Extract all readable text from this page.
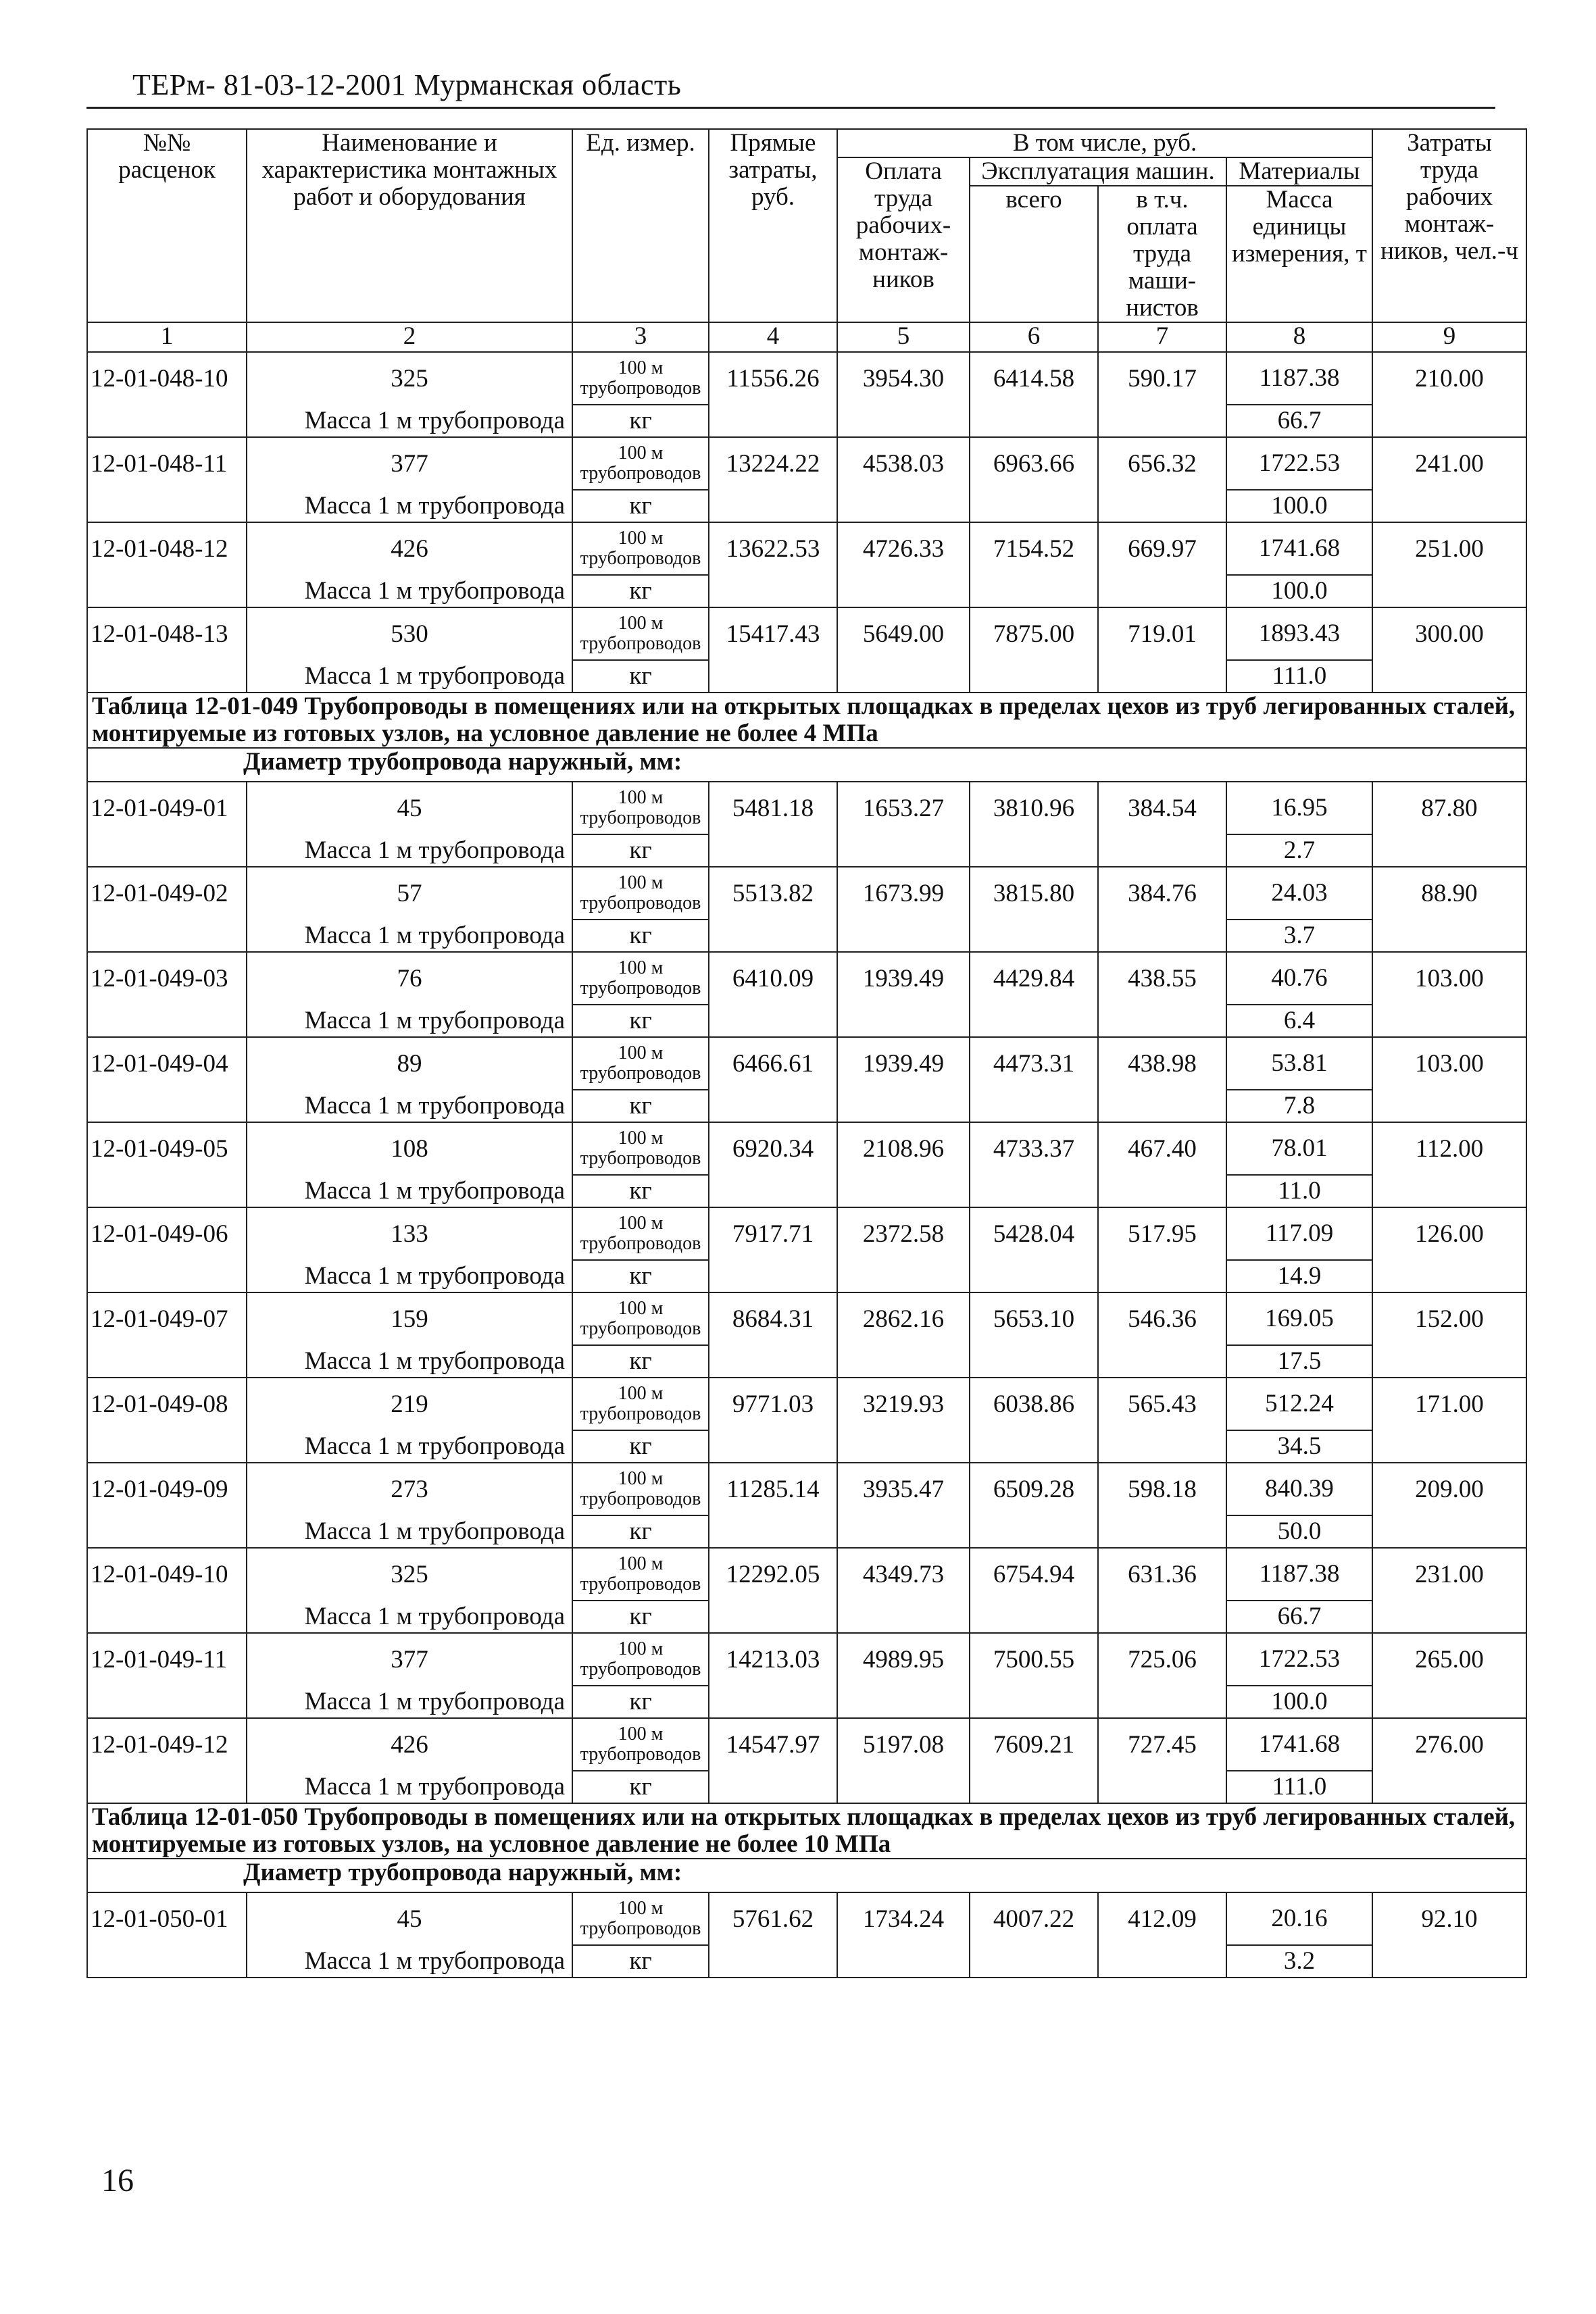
ТЕРм- 81-03-12-2001 Мурманская область
№№ расценок	Наименование и характеристика монтажных работ и оборудования	Ед. измер.	Прямые затраты, руб.	В том числе, руб.				Затраты труда рабочих монтаж-ников, чел.-ч
				Оплата труда рабочих-монтаж-ников	Эксплуатация машин.		Материалы	
					всего	в т.ч. оплата труда маши-нистов	Масса единицы измерения, т	
1	2	3	4	5	6	7	8	9
12-01-048-10	325	100 м трубопроводов	11556.26	3954.30	6414.58	590.17	1187.38	210.00
	Масса 1 м трубопровода	кг					66.7	
12-01-048-11	377	100 м трубопроводов	13224.22	4538.03	6963.66	656.32	1722.53	241.00
	Масса 1 м трубопровода	кг					100.0	
12-01-048-12	426	100 м трубопроводов	13622.53	4726.33	7154.52	669.97	1741.68	251.00
	Масса 1 м трубопровода	кг					100.0	
12-01-048-13	530	100 м трубопроводов	15417.43	5649.00	7875.00	719.01	1893.43	300.00
	Масса 1 м трубопровода	кг					111.0	
Таблица 12-01-049 Трубопроводы в помещениях или на открытых площадках в пределах цехов из труб легированных сталей, монтируемые из готовых узлов, на условное давление не более 4 МПа								
Диаметр трубопровода наружный, мм:								
12-01-049-01	45	100 м трубопроводов	5481.18	1653.27	3810.96	384.54	16.95	87.80
	Масса 1 м трубопровода	кг					2.7	
12-01-049-02	57	100 м трубопроводов	5513.82	1673.99	3815.80	384.76	24.03	88.90
	Масса 1 м трубопровода	кг					3.7	
12-01-049-03	76	100 м трубопроводов	6410.09	1939.49	4429.84	438.55	40.76	103.00
	Масса 1 м трубопровода	кг					6.4	
12-01-049-04	89	100 м трубопроводов	6466.61	1939.49	4473.31	438.98	53.81	103.00
	Масса 1 м трубопровода	кг					7.8	
12-01-049-05	108	100 м трубопроводов	6920.34	2108.96	4733.37	467.40	78.01	112.00
	Масса 1 м трубопровода	кг					11.0	
12-01-049-06	133	100 м трубопроводов	7917.71	2372.58	5428.04	517.95	117.09	126.00
	Масса 1 м трубопровода	кг					14.9	
12-01-049-07	159	100 м трубопроводов	8684.31	2862.16	5653.10	546.36	169.05	152.00
	Масса 1 м трубопровода	кг					17.5	
12-01-049-08	219	100 м трубопроводов	9771.03	3219.93	6038.86	565.43	512.24	171.00
	Масса 1 м трубопровода	кг					34.5	
12-01-049-09	273	100 м трубопроводов	11285.14	3935.47	6509.28	598.18	840.39	209.00
	Масса 1 м трубопровода	кг					50.0	
12-01-049-10	325	100 м трубопроводов	12292.05	4349.73	6754.94	631.36	1187.38	231.00
	Масса 1 м трубопровода	кг					66.7	
12-01-049-11	377	100 м трубопроводов	14213.03	4989.95	7500.55	725.06	1722.53	265.00
	Масса 1 м трубопровода	кг					100.0	
12-01-049-12	426	100 м трубопроводов	14547.97	5197.08	7609.21	727.45	1741.68	276.00
	Масса 1 м трубопровода	кг					111.0	
Таблица 12-01-050 Трубопроводы в помещениях или на открытых площадках в пределах цехов из труб легированных сталей, монтируемые из готовых узлов, на условное давление не более 10 МПа								
Диаметр трубопровода наружный, мм:								
12-01-050-01	45	100 м трубопроводов	5761.62	1734.24	4007.22	412.09	20.16	92.10
	Масса 1 м трубопровода	кг					3.2	
16
